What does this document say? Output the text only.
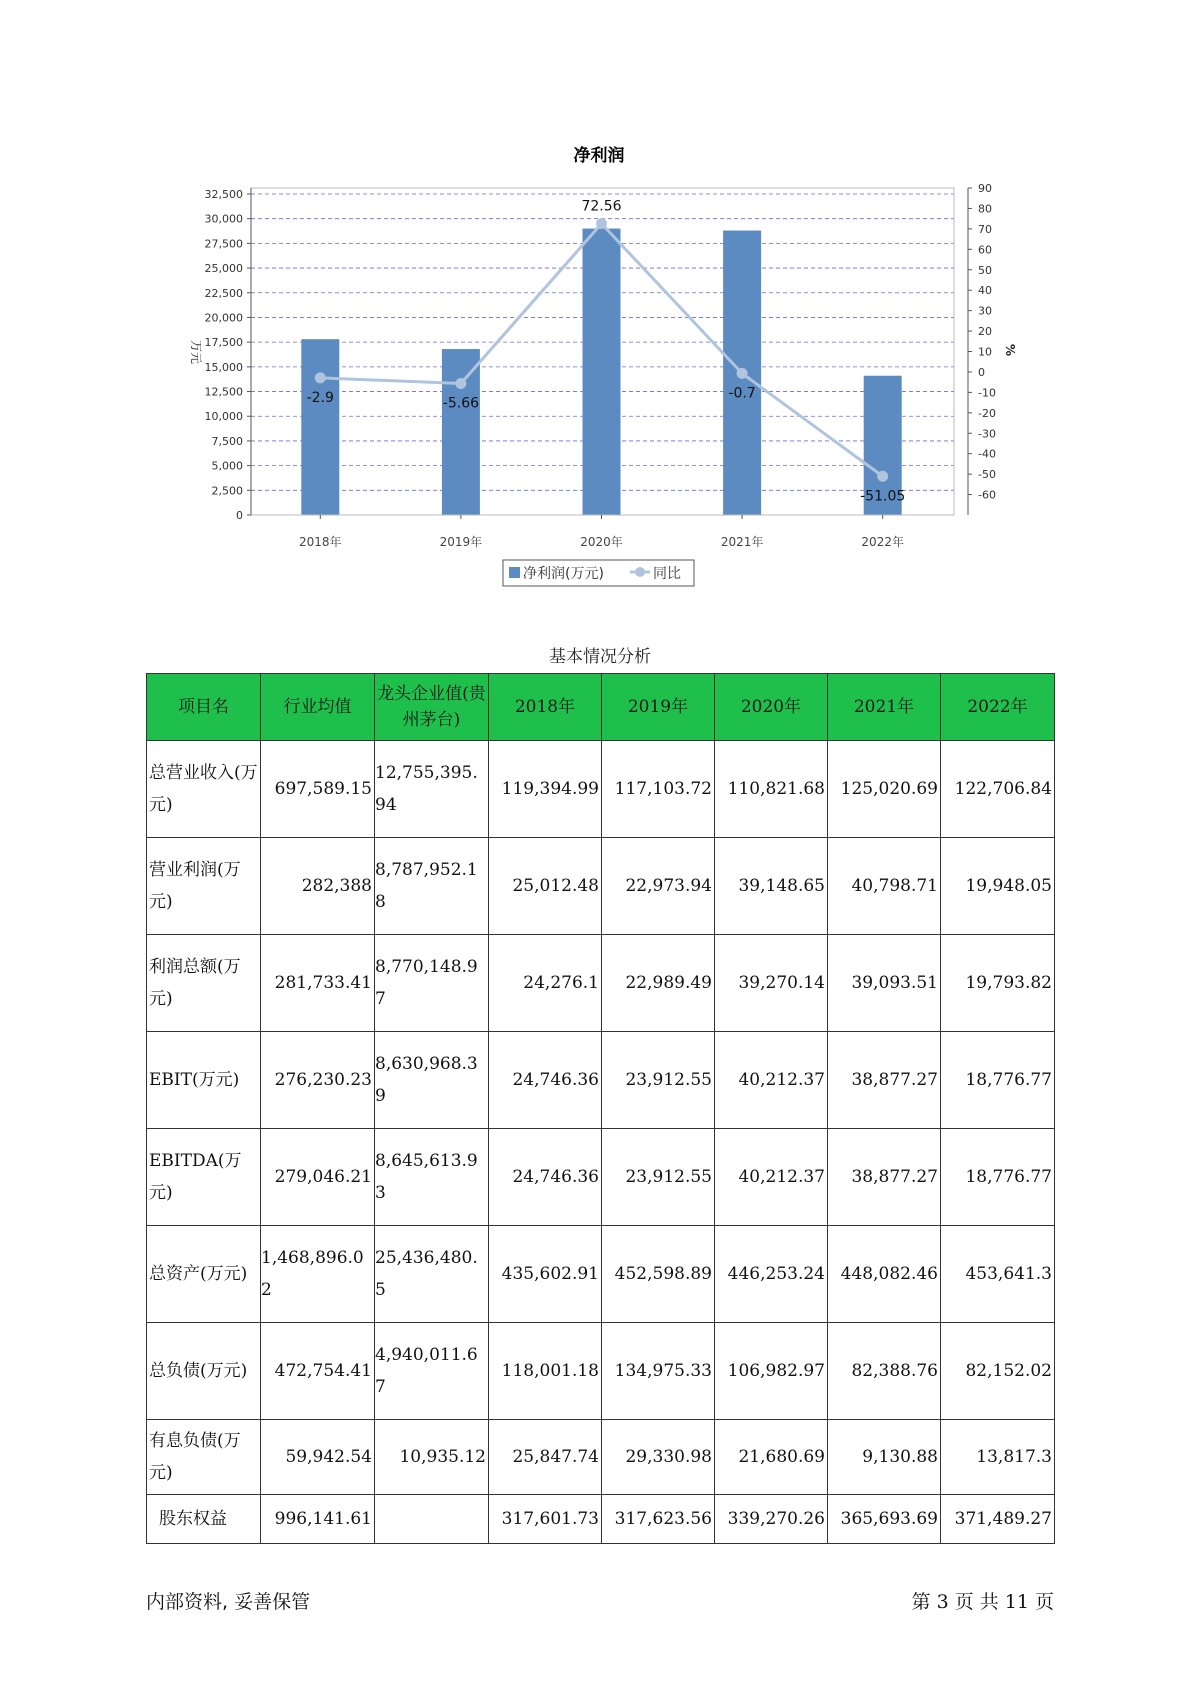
净利润
0
2,500
5,000
7,500
10,000
12,500
15,000
17,500
20,000
22,500
25,000
27,500
30,000
32,500
-60
-50
-40
-30
-20
-10
0
10
20
30
40
50
60
70
80
90
2018年	2019年	2020年	2021年	2022年
-2.9	-5.66
72.56
-0.7
-51.05
万元	%
净利润(万元)	同比
基本情况分析
项目名	行业均值	龙头企业值(贵州茅台)	2018年	2019年	2020年	2021年	2022年
总营业收入(万元)	697,589.15	12,755,395.94	119,394.99	117,103.72	110,821.68	125,020.69	122,706.84
营业利润(万元)	282,388	8,787,952.18	25,012.48	22,973.94	39,148.65	40,798.71	19,948.05
利润总额(万元)	281,733.41	8,770,148.97	24,276.1	22,989.49	39,270.14	39,093.51	19,793.82
EBIT(万元)	276,230.23	8,630,968.39	24,746.36	23,912.55	40,212.37	38,877.27	18,776.77
EBITDA(万元)	279,046.21	8,645,613.93	24,746.36	23,912.55	40,212.37	38,877.27	18,776.77
总资产(万元)	1,468,896.02	25,436,480.5	435,602.91	452,598.89	446,253.24	448,082.46	453,641.3
总负债(万元)	472,754.41	4,940,011.67	118,001.18	134,975.33	106,982.97	82,388.76	82,152.02
有息负债(万元)	59,942.54	10,935.12	25,847.74	29,330.98	21,680.69	9,130.88	13,817.3
股东权益	996,141.61		317,601.73	317,623.56	339,270.26	365,693.69	371,489.27
内部资料, 妥善保管	第 3 页 共 11 页
